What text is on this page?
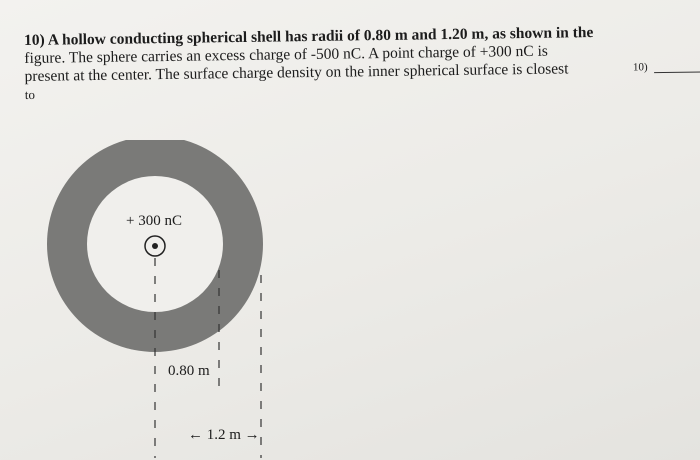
10) A hollow conducting spherical shell has radii of 0.80 m and 1.20 m, as shown in the
figure. The sphere carries an excess charge of -500 nC. A point charge of +300 nC is
present at the center. The surface charge density on the inner spherical surface is closest
to
10)
+ 300 nC
0.80 m
← 1.2 m →
